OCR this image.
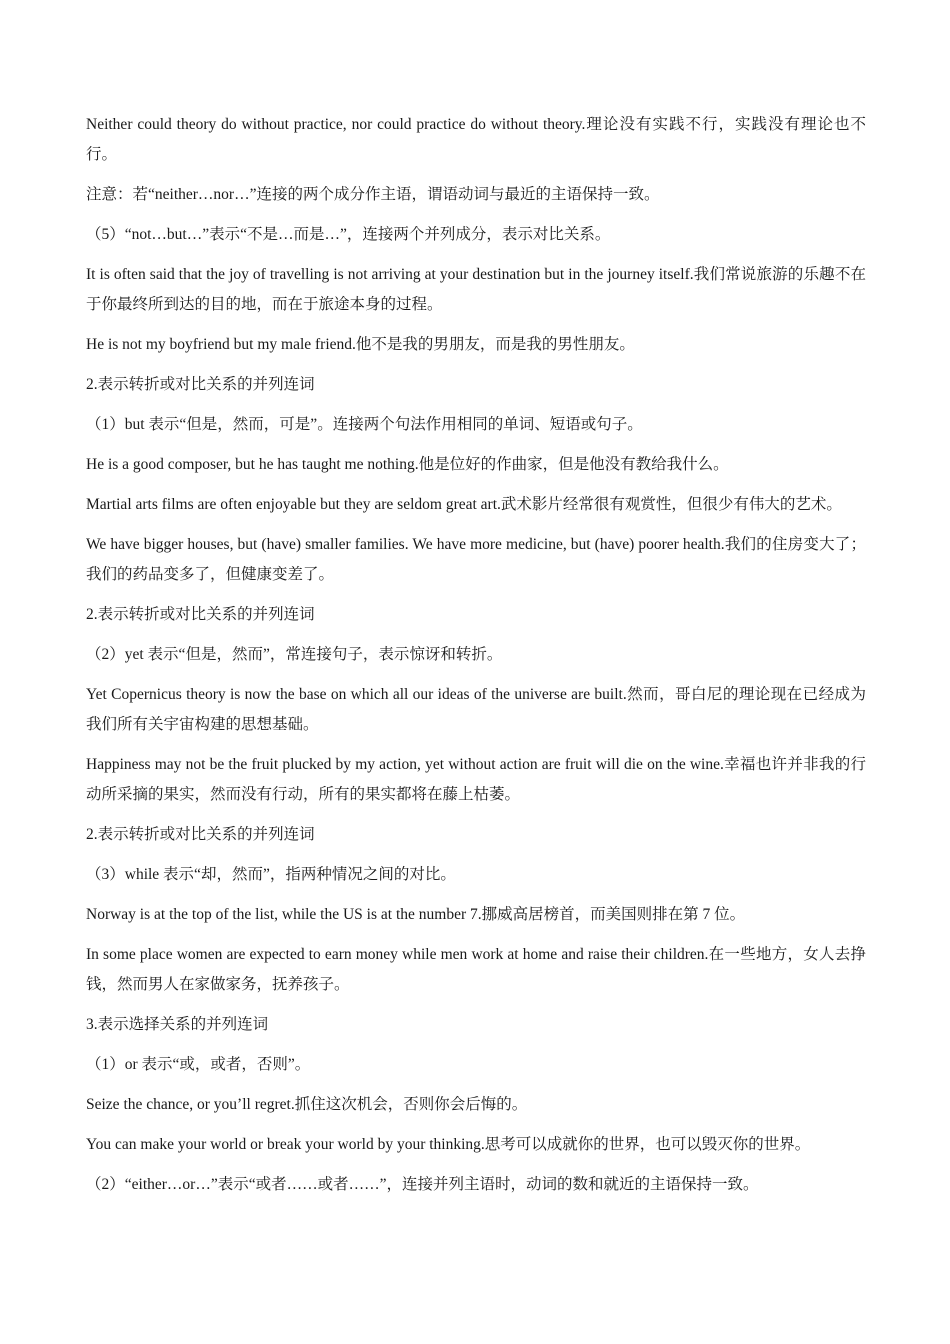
Neither could theory do without practice, nor could practice do without theory.理论没有实践不行，实践没有理论也不行。

注意：若“neither…nor…”连接的两个成分作主语，谓语动词与最近的主语保持一致。

（5）“not…but…”表示“不是…而是…”，连接两个并列成分，表示对比关系。

It is often said that the joy of travelling is not arriving at your destination but in the journey itself.我们常说旅游的乐趣不在于你最终所到达的目的地，而在于旅途本身的过程。

He is not my boyfriend but my male friend.他不是我的男朋友，而是我的男性朋友。

2.表示转折或对比关系的并列连词

（1）but 表示“但是，然而，可是”。连接两个句法作用相同的单词、短语或句子。

He is a good composer, but he has taught me nothing.他是位好的作曲家，但是他没有教给我什么。

Martial arts films are often enjoyable but they are seldom great art.武术影片经常很有观赏性，但很少有伟大的艺术。

We have bigger houses, but (have) smaller families. We have more medicine, but (have) poorer health.我们的住房变大了；我们的药品变多了，但健康变差了。

2.表示转折或对比关系的并列连词

（2）yet 表示“但是，然而”，常连接句子，表示惊讶和转折。

Yet Copernicus theory is now the base on which all our ideas of the universe are built.然而，哥白尼的理论现在已经成为我们所有关宇宙构建的思想基础。

Happiness may not be the fruit plucked by my action, yet without action are fruit will die on the wine.幸福也许并非我的行动所采摘的果实，然而没有行动，所有的果实都将在藤上枯萎。

2.表示转折或对比关系的并列连词

（3）while 表示“却，然而”，指两种情况之间的对比。

Norway is at the top of the list, while the US is at the number 7.挪威高居榜首，而美国则排在第 7 位。

In some place women are expected to earn money while men work at home and raise their children.在一些地方，女人去挣钱，然而男人在家做家务，抚养孩子。

3.表示选择关系的并列连词

（1）or 表示“或，或者，否则”。

Seize the chance, or you’ll regret.抓住这次机会，否则你会后悔的。

You can make your world or break your world by your thinking.思考可以成就你的世界，也可以毁灭你的世界。

（2）“either…or…”表示“或者……或者……”，连接并列主语时，动词的数和就近的主语保持一致。
